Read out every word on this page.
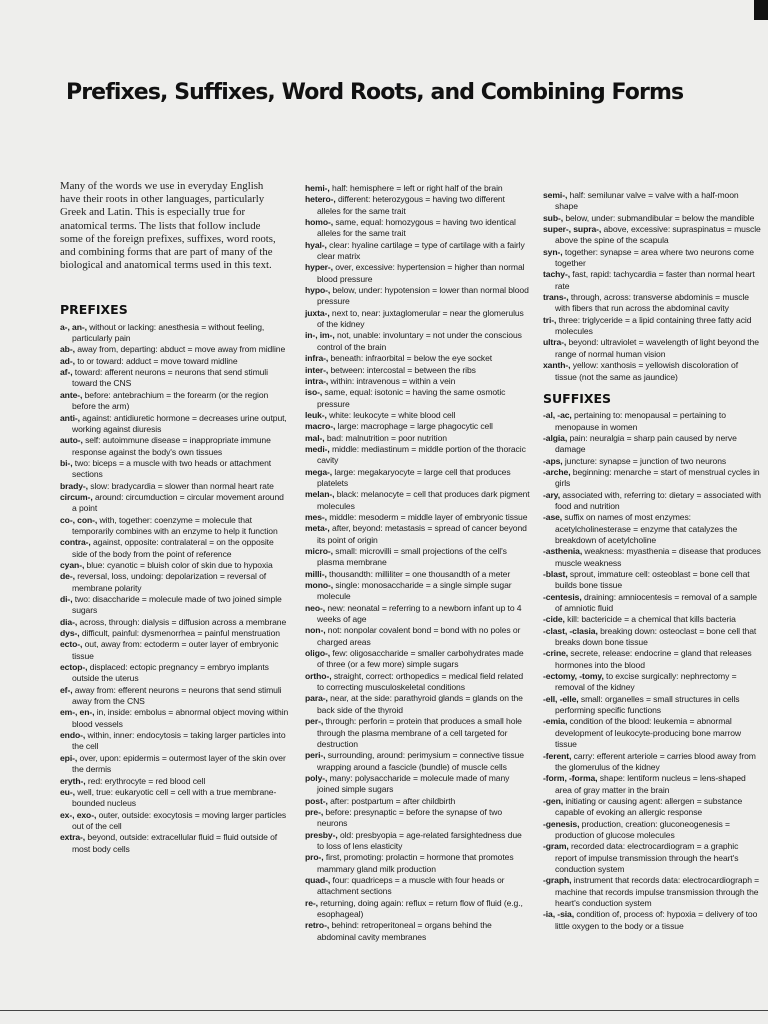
Prefixes, Suffixes, Word Roots, and Combining Forms

Many of the words we use in everyday English have their roots in other languages, particularly Greek and Latin. This is especially true for anatomical terms. The lists that follow include some of the foreign prefixes, suffixes, word roots, and combining forms that are part of many of the biological and anatomical terms used in this text.

PREFIXES

a-, an-, without or lacking: anesthesia = without feeling, particularly pain

ab-, away from, departing: abduct = move away from midline

ad-, to or toward: adduct = move toward midline

af-, toward: afferent neurons = neurons that send stimuli toward the CNS

ante-, before: antebrachium = the forearm (or the region before the arm)

anti-, against: antidiuretic hormone = decreases urine output, working against diuresis

auto-, self: autoimmune disease = inappropriate immune response against the body's own tissues

bi-, two: biceps = a muscle with two heads or attachment sections

brady-, slow: bradycardia = slower than normal heart rate

circum-, around: circumduction = circular movement around a point

co-, con-, with, together: coenzyme = molecule that temporarily combines with an enzyme to help it function

contra-, against, opposite: contralateral = on the opposite side of the body from the point of reference

cyan-, blue: cyanotic = bluish color of skin due to hypoxia

de-, reversal, loss, undoing: depolarization = reversal of membrane polarity

di-, two: disaccharide = molecule made of two joined simple sugars

dia-, across, through: dialysis = diffusion across a membrane

dys-, difficult, painful: dysmenorrhea = painful menstruation

ecto-, out, away from: ectoderm = outer layer of embryonic tissue

ectop-, displaced: ectopic pregnancy = embryo implants outside the uterus

ef-, away from: efferent neurons = neurons that send stimuli away from the CNS

em-, en-, in, inside: embolus = abnormal object moving within blood vessels

endo-, within, inner: endocytosis = taking larger particles into the cell

epi-, over, upon: epidermis = outermost layer of the skin over the dermis

eryth-, red: erythrocyte = red blood cell

eu-, well, true: eukaryotic cell = cell with a true membrane-bounded nucleus

ex-, exo-, outer, outside: exocytosis = moving larger particles out of the cell

extra-, beyond, outside: extracellular fluid = fluid outside of most body cells

hemi-, half: hemisphere = left or right half of the brain

hetero-, different: heterozygous = having two different alleles for the same trait

homo-, same, equal: homozygous = having two identical alleles for the same trait

hyal-, clear: hyaline cartilage = type of cartilage with a fairly clear matrix

hyper-, over, excessive: hypertension = higher than normal blood pressure

hypo-, below, under: hypotension = lower than normal blood pressure

juxta-, next to, near: juxtaglomerular = near the glomerulus of the kidney

in-, im-, not, unable: involuntary = not under the conscious control of the brain

infra-, beneath: infraorbital = below the eye socket

inter-, between: intercostal = between the ribs

intra-, within: intravenous = within a vein

iso-, same, equal: isotonic = having the same osmotic pressure

leuk-, white: leukocyte = white blood cell

macro-, large: macrophage = large phagocytic cell

mal-, bad: malnutrition = poor nutrition

medi-, middle: mediastinum = middle portion of the thoracic cavity

mega-, large: megakaryocyte = large cell that produces platelets

melan-, black: melanocyte = cell that produces dark pigment molecules

mes-, middle: mesoderm = middle layer of embryonic tissue

meta-, after, beyond: metastasis = spread of cancer beyond its point of origin

micro-, small: microvilli = small projections of the cell's plasma membrane

milli-, thousandth: milliliter = one thousandth of a meter

mono-, single: monosaccharide = a single simple sugar molecule

neo-, new: neonatal = referring to a newborn infant up to 4 weeks of age

non-, not: nonpolar covalent bond = bond with no poles or charged areas

oligo-, few: oligosaccharide = smaller carbohydrates made of three (or a few more) simple sugars

ortho-, straight, correct: orthopedics = medical field related to correcting musculoskeletal conditions

para-, near, at the side: parathyroid glands = glands on the back side of the thyroid

per-, through: perforin = protein that produces a small hole through the plasma membrane of a cell targeted for destruction

peri-, surrounding, around: perimysium = connective tissue wrapping around a fascicle (bundle) of muscle cells

poly-, many: polysaccharide = molecule made of many joined simple sugars

post-, after: postpartum = after childbirth

pre-, before: presynaptic = before the synapse of two neurons

presby-, old: presbyopia = age-related farsightedness due to loss of lens elasticity

pro-, first, promoting: prolactin = hormone that promotes mammary gland milk production

quad-, four: quadriceps = a muscle with four heads or attachment sections

re-, returning, doing again: reflux = return flow of fluid (e.g., esophageal)

retro-, behind: retroperitoneal = organs behind the abdominal cavity membranes

semi-, half: semilunar valve = valve with a half-moon shape

sub-, below, under: submandibular = below the mandible

super-, supra-, above, excessive: supraspinatus = muscle above the spine of the scapula

syn-, together: synapse = area where two neurons come together

tachy-, fast, rapid: tachycardia = faster than normal heart rate

trans-, through, across: transverse abdominis = muscle with fibers that run across the abdominal cavity

tri-, three: triglyceride = a lipid containing three fatty acid molecules

ultra-, beyond: ultraviolet = wavelength of light beyond the range of normal human vision

xanth-, yellow: xanthosis = yellowish discoloration of tissue (not the same as jaundice)

SUFFIXES

-al, -ac, pertaining to: menopausal = pertaining to menopause in women

-algia, pain: neuralgia = sharp pain caused by nerve damage

-aps, juncture: synapse = junction of two neurons

-arche, beginning: menarche = start of menstrual cycles in girls

-ary, associated with, referring to: dietary = associated with food and nutrition

-ase, suffix on names of most enzymes: acetylcholinesterase = enzyme that catalyzes the breakdown of acetylcholine

-asthenia, weakness: myasthenia = disease that produces muscle weakness

-blast, sprout, immature cell: osteoblast = bone cell that builds bone tissue

-centesis, draining: amniocentesis = removal of a sample of amniotic fluid

-cide, kill: bactericide = a chemical that kills bacteria

-clast, -clasia, breaking down: osteoclast = bone cell that breaks down bone tissue

-crine, secrete, release: endocrine = gland that releases hormones into the blood

-ectomy, -tomy, to excise surgically: nephrectomy = removal of the kidney

-ell, -elle, small: organelles = small structures in cells performing specific functions

-emia, condition of the blood: leukemia = abnormal development of leukocyte-producing bone marrow tissue

-ferent, carry: efferent arteriole = carries blood away from the glomerulus of the kidney

-form, -forma, shape: lentiform nucleus = lens-shaped area of gray matter in the brain

-gen, initiating or causing agent: allergen = substance capable of evoking an allergic response

-genesis, production, creation: gluconeogenesis = production of glucose molecules

-gram, recorded data: electrocardiogram = a graphic report of impulse transmission through the heart's conduction system

-graph, instrument that records data: electrocardiograph = machine that records impulse transmission through the heart's conduction system

-ia, -sia, condition of, process of: hypoxia = delivery of too little oxygen to the body or a tissue
